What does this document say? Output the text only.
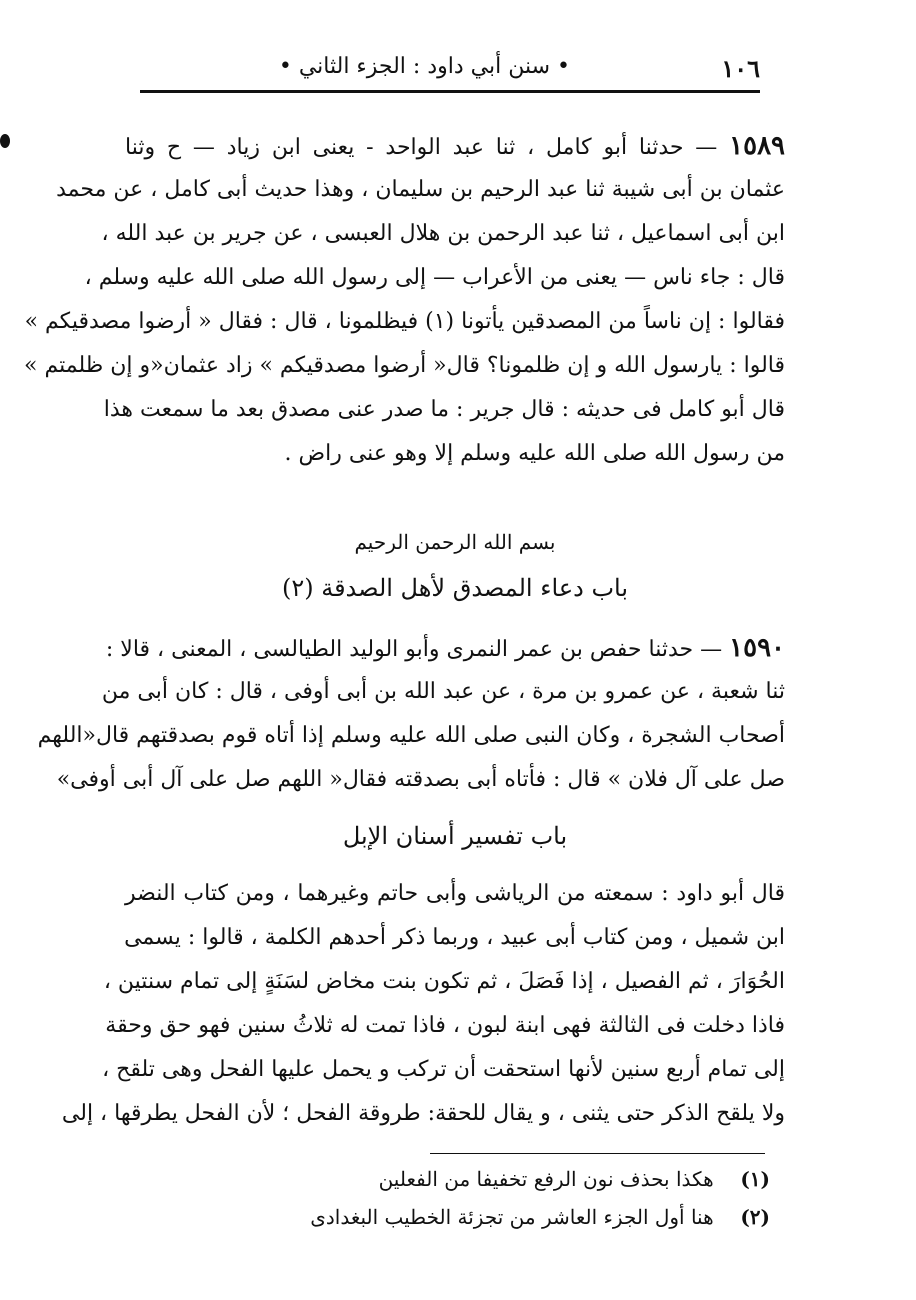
١٠٦
• سنن أبي داود : الجزء الثاني •
١٥٨٩ — حدثنا أبو كامل ، ثنا عبد الواحد - يعنى ابن زياد — ح وثنا
عثمان بن أبى شيبة ثنا عبد الرحيم بن سليمان ، وهذا حديث أبى كامل ، عن محمد
ابن أبى اسماعيل ، ثنا عبد الرحمن بن هلال العبسى ، عن جرير بن عبد الله ،
قال : جاء ناس — يعنى من الأعراب — إلى رسول الله صلى الله عليه وسلم ،
فقالوا : إن ناساً من المصدقين يأتونا (١) فيظلمونا ، قال : فقال « أرضوا مصدقيكم »
قالوا : يارسول الله و إن ظلمونا؟ قال« أرضوا مصدقيكم » زاد عثمان«و إن ظلمتم »
قال أبو كامل فى حديثه : قال جرير : ما صدر عنى مصدق بعد ما سمعت هذا
من رسول الله صلى الله عليه وسلم إلا وهو عنى راض .
بسم الله الرحمن الرحيم
باب دعاء المصدق لأهل الصدقة (٢)
١٥٩٠ — حدثنا حفص بن عمر النمرى وأبو الوليد الطيالسى ، المعنى ، قالا :
ثنا شعبة ، عن عمرو بن مرة ، عن عبد الله بن أبى أوفى ، قال : كان أبى من
أصحاب الشجرة ، وكان النبى صلى الله عليه وسلم إذا أتاه قوم بصدقتهم قال«اللهم
صل على آل فلان » قال : فأتاه أبى بصدقته فقال« اللهم صل على آل أبى أوفى»
باب تفسير أسنان الإبل
قال أبو داود : سمعته من الرياشى وأبى حاتم وغيرهما ، ومن كتاب النضر
ابن شميل ، ومن كتاب أبى عبيد ، وربما ذكر أحدهم الكلمة ، قالوا : يسمى
الحُوَارَ ، ثم الفصيل ، إذا فَصَلَ ، ثم تكون بنت مخاض لسَنَةٍ إلى تمام سنتين ،
فاذا دخلت فى الثالثة فهى ابنة لبون ، فاذا تمت له ثلاثُ سنين فهو حق وحقة
إلى تمام أربع سنين لأنها استحقت أن تركب و يحمل عليها الفحل وهى تلقح ،
ولا يلقح الذكر حتى يثنى ، و يقال للحقة: طروقة الفحل ؛ لأن الفحل يطرقها ، إلى
(١) هكذا بحذف نون الرفع تخفيفا من الفعلين
(٢) هنا أول الجزء العاشر من تجزئة الخطيب البغدادى
